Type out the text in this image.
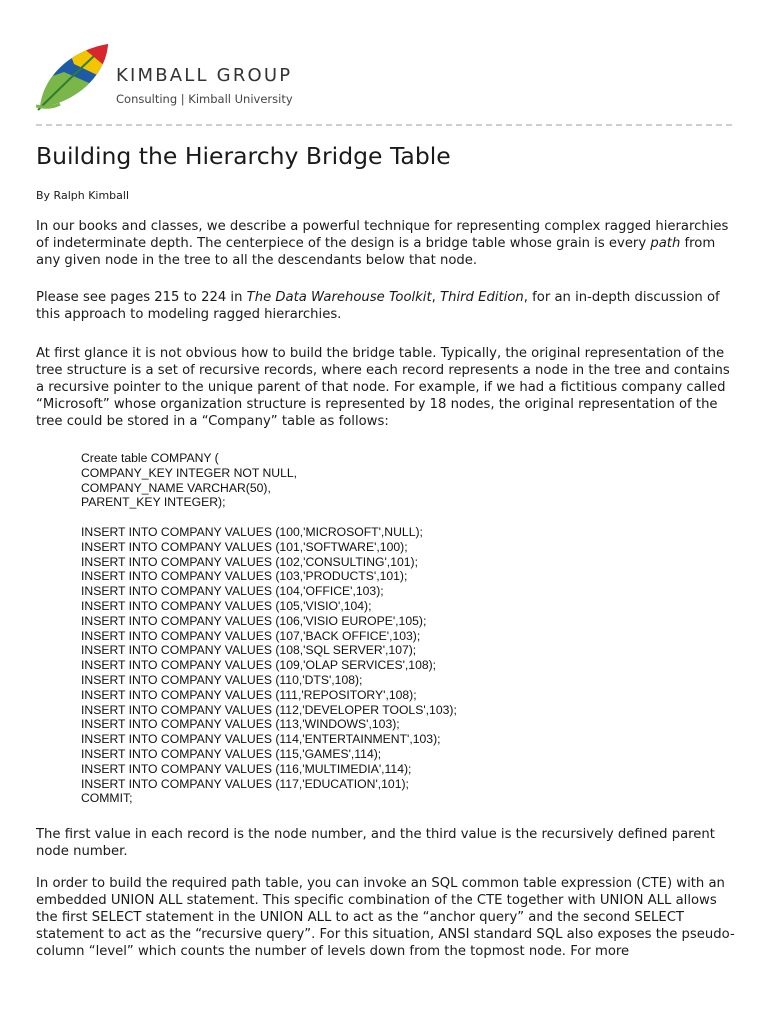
KIMBALL GROUP
Consulting | Kimball University
Building the Hierarchy Bridge Table
By Ralph Kimball

In our books and classes, we describe a powerful technique for representing complex ragged hierarchies of indeterminate depth. The centerpiece of the design is a bridge table whose grain is every path from any given node in the tree to all the descendants below that node.

Please see pages 215 to 224 in The Data Warehouse Toolkit, Third Edition, for an in-depth discussion of this approach to modeling ragged hierarchies.

At first glance it is not obvious how to build the bridge table. Typically, the original representation of the tree structure is a set of recursive records, where each record represents a node in the tree and contains a recursive pointer to the unique parent of that node. For example, if we had a fictitious company called “Microsoft” whose organization structure is represented by 18 nodes, the original representation of the tree could be stored in a “Company” table as follows:

Create table COMPANY (
COMPANY_KEY INTEGER NOT NULL,
COMPANY_NAME VARCHAR(50),
PARENT_KEY INTEGER);
INSERT INTO COMPANY VALUES (100,'MICROSOFT',NULL);
INSERT INTO COMPANY VALUES (101,'SOFTWARE',100);
INSERT INTO COMPANY VALUES (102,'CONSULTING',101);
INSERT INTO COMPANY VALUES (103,'PRODUCTS',101);
INSERT INTO COMPANY VALUES (104,'OFFICE',103);
INSERT INTO COMPANY VALUES (105,'VISIO',104);
INSERT INTO COMPANY VALUES (106,'VISIO EUROPE',105);
INSERT INTO COMPANY VALUES (107,'BACK OFFICE',103);
INSERT INTO COMPANY VALUES (108,'SQL SERVER',107);
INSERT INTO COMPANY VALUES (109,'OLAP SERVICES',108);
INSERT INTO COMPANY VALUES (110,'DTS',108);
INSERT INTO COMPANY VALUES (111,'REPOSITORY',108);
INSERT INTO COMPANY VALUES (112,'DEVELOPER TOOLS',103);
INSERT INTO COMPANY VALUES (113,'WINDOWS',103);
INSERT INTO COMPANY VALUES (114,'ENTERTAINMENT',103);
INSERT INTO COMPANY VALUES (115,'GAMES',114);
INSERT INTO COMPANY VALUES (116,'MULTIMEDIA',114);
INSERT INTO COMPANY VALUES (117,'EDUCATION',101);
COMMIT;

The first value in each record is the node number, and the third value is the recursively defined parent node number.

In order to build the required path table, you can invoke an SQL common table expression (CTE) with an embedded UNION ALL statement. This specific combination of the CTE together with UNION ALL allows the first SELECT statement in the UNION ALL to act as the “anchor query” and the second SELECT statement to act as the “recursive query”. For this situation, ANSI standard SQL also exposes the pseudo-column “level” which counts the number of levels down from the topmost node. For more
